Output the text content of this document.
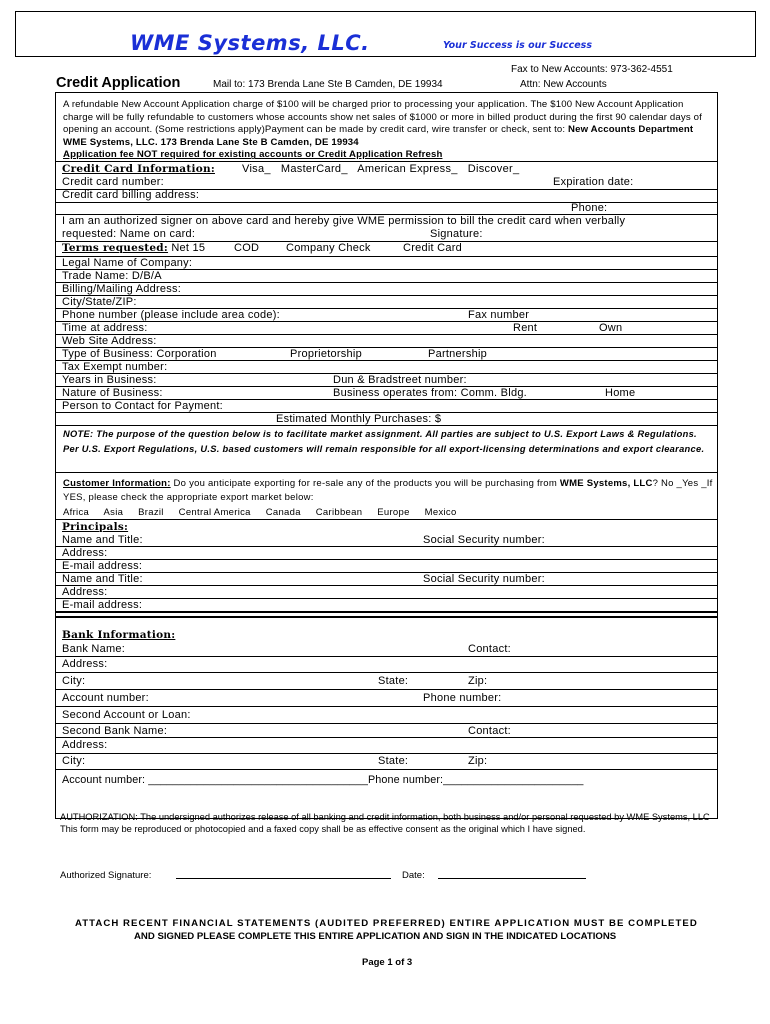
WME Systems, LLC.	Your Success is our Success
Fax to New Accounts: 973-362-4551
Credit Application	Mail to: 173 Brenda Lane Ste B Camden, DE 19934	Attn: New Accounts
A refundable New Account Application charge of $100 will be charged prior to processing your application. The $100 New Account Application charge will be fully refundable to customers whose accounts show net sales of $1000 or more in billed product during the first 90 calendar days of opening an account. (Some restrictions apply)Payment can be made by credit card, wire transfer or check, sent to: New Accounts Department WME Systems, LLC. 173 Brenda Lane Ste B Camden, DE 19934
Application fee NOT required for existing accounts or Credit Application Refresh
Credit Card Information: Visa_   MasterCard_   American Express_   Discover_
Credit card number:	Expiration date:
Credit card billing address:
Phone:
I am an authorized signer on above card and hereby give WME permission to bill the credit card when verbally
requested: Name on card:	Signature:
Terms requested: Net 15	COD Company Check	Credit Card
Legal Name of Company:
Trade Name: D/B/A
Billing/Mailing Address:
City/State/ZIP:
Phone number (please include area code):	Fax number
Time at address:	Rent	Own
Web Site Address:
Type of Business: Corporation	Proprietorship	Partnership
Tax Exempt number:
Years in Business:	Dun & Bradstreet number:
Nature of Business:	Business operates from: Comm. Bldg.	Home
Person to Contact for Payment:
Estimated Monthly Purchases: $
NOTE: The purpose of the question below is to facilitate market assignment. All parties are subject to U.S. Export Laws & Regulations. Per U.S. Export Regulations, U.S. based customers will remain responsible for all export-licensing determinations and export clearance.
Customer Information: Do you anticipate exporting for re-sale any of the products you will be purchasing from WME Systems, LLC? No _Yes _If YES, please check the appropriate export market below:
Africa Asia Brazil Central America Canada Caribbean Europe Mexico
Principals:
Name and Title:	Social Security number:
Address:
E-mail address:
Name and Title:	Social Security number:
Address:
E-mail address:
Bank Information:
Bank Name:	Contact:
Address:
City:	State:	Zip:
Account number:	Phone number:
Second Account or Loan:
Second Bank Name:	Contact:
Address:
City:	State:	Zip:
Account number: ____________________________________Phone number:_______________________
AUTHORIZATION: The undersigned authorizes release of all banking and credit information, both business and/or personal requested by WME Systems, LLC This form may be reproduced or photocopied and a faxed copy shall be as effective consent as the original which I have signed.
Authorized Signature:	Date:
ATTACH RECENT FINANCIAL STATEMENTS (AUDITED PREFERRED) ENTIRE APPLICATION MUST BE COMPLETED
AND SIGNED PLEASE COMPLETE THIS ENTIRE APPLICATION AND SIGN IN THE INDICATED LOCATIONS
Page 1 of 3
